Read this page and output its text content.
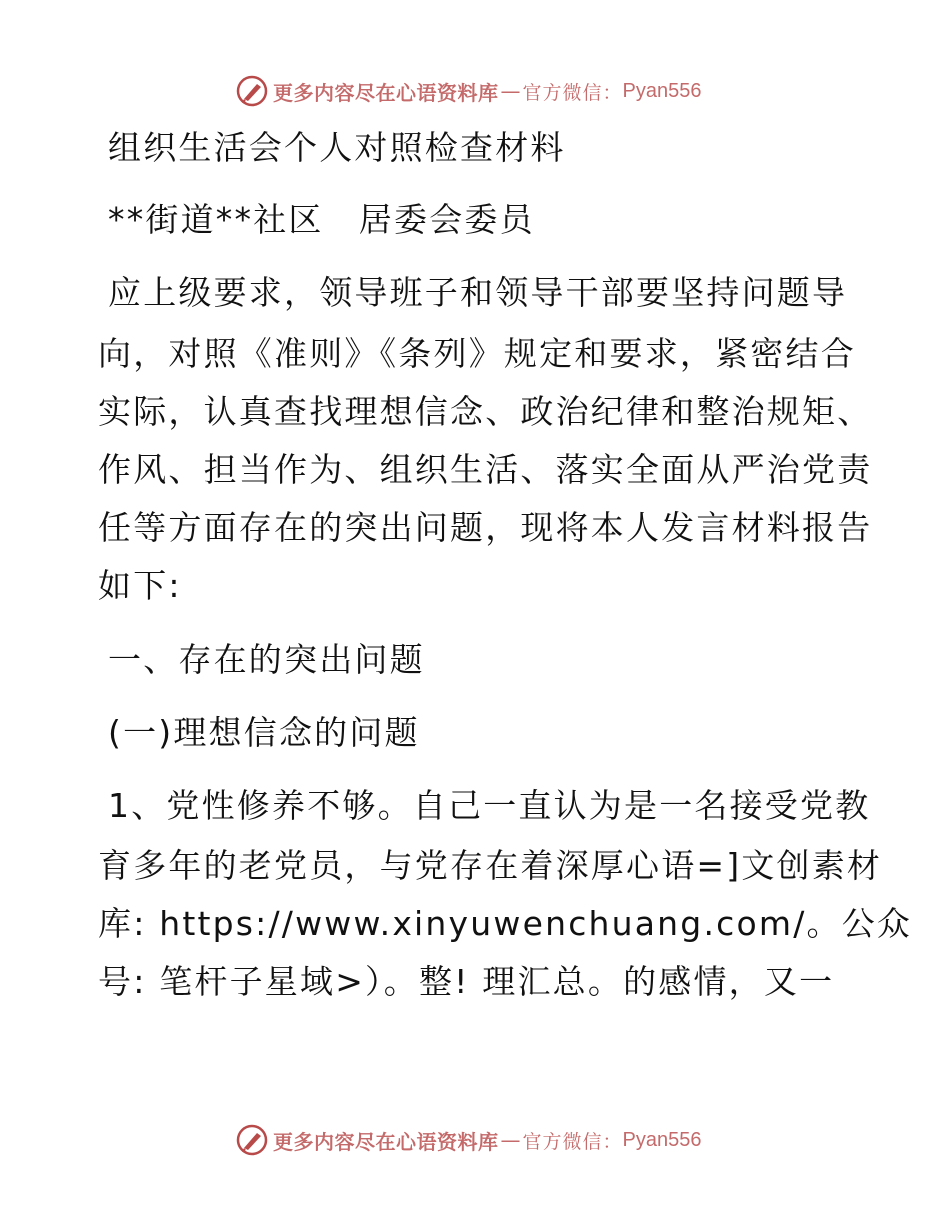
更多内容尽在心语资料库 — 官方微信： Pyan556
组织生活会个人对照检查材料
**街道**社区　居委会委员
应上级要求，领导班子和领导干部要坚持问题导
向，对照《准则》《条列》规定和要求，紧密结合
实际，认真查找理想信念、政治纪律和整治规矩、
作风、担当作为、组织生活、落实全面从严治党责
任等方面存在的突出问题，现将本人发言材料报告
如下:
一、存在的突出问题
(一)理想信念的问题
1、党性修养不够。自己一直认为是一名接受党教
育多年的老党员，与党存在着深厚心语=]文创素材
库: https://www.xinyuwenchuang.com/。公众
号: 笔杆子星域>）。整! 理汇总。的感情，又一
更多内容尽在心语资料库 — 官方微信： Pyan556
